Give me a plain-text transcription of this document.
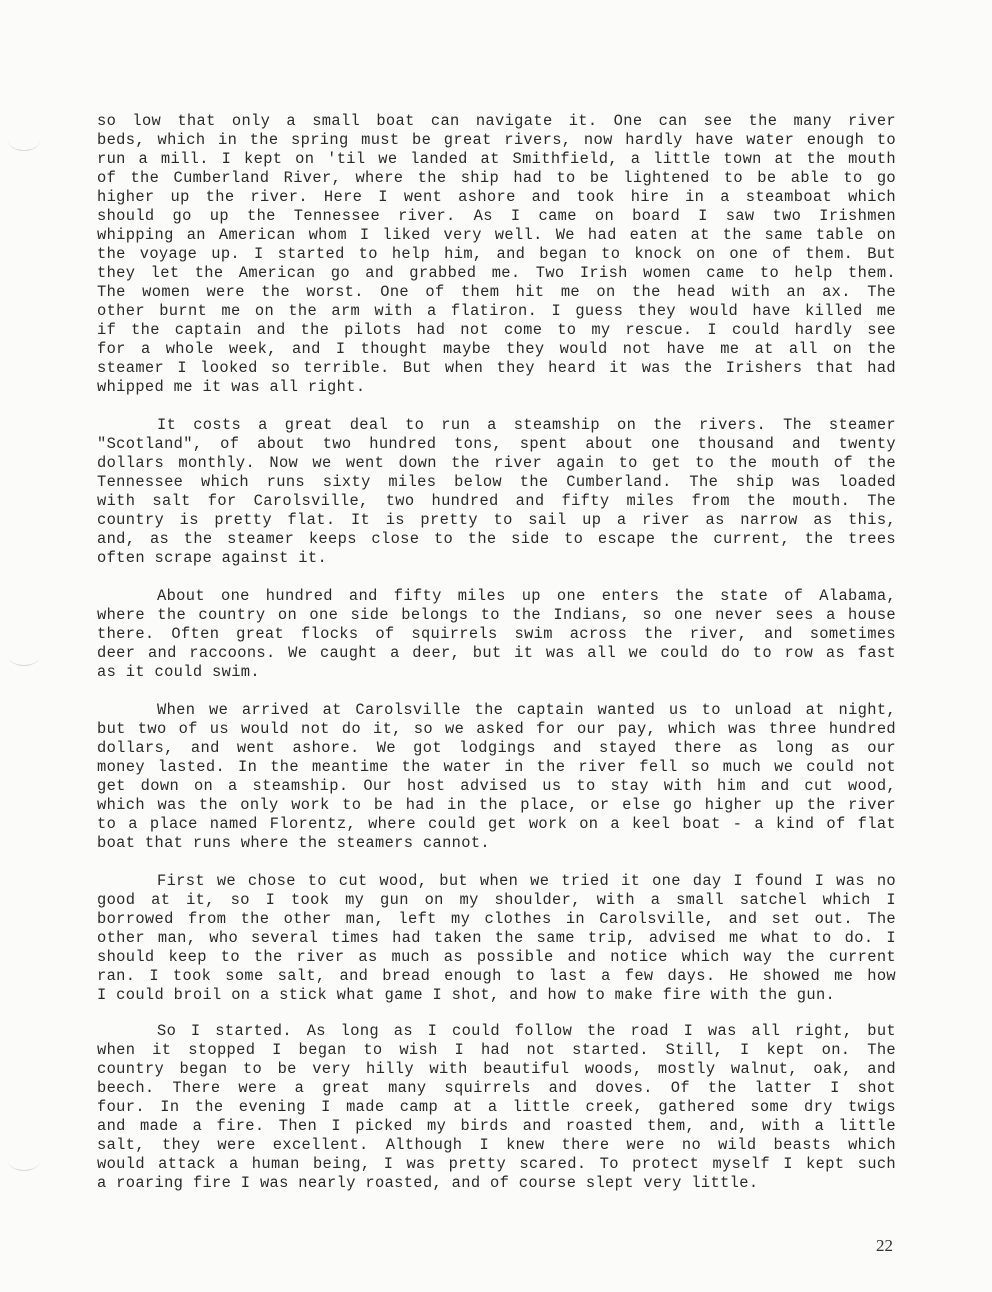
so low that only a small boat can navigate it. One can see the many river
beds, which in the spring must be great rivers, now hardly have water enough to
run a mill. I kept on 'til we landed at Smithfield, a little town at the mouth
of the Cumberland River, where the ship had to be lightened to be able to go
higher up the river. Here I went ashore and took hire in a steamboat which
should go up the Tennessee river. As I came on board I saw two Irishmen
whipping an American whom I liked very well. We had eaten at the same table on
the voyage up. I started to help him, and began to knock on one of them. But
they let the American go and grabbed me. Two Irish women came to help them.
The women were the worst. One of them hit me on the head with an ax. The
other burnt me on the arm with a flatiron. I guess they would have killed me
if the captain and the pilots had not come to my rescue. I could hardly see
for a whole week, and I thought maybe they would not have me at all on the
steamer I looked so terrible. But when they heard it was the Irishers that had
whipped me it was all right.
It costs a great deal to run a steamship on the rivers. The steamer
"Scotland", of about two hundred tons, spent about one thousand and twenty
dollars monthly. Now we went down the river again to get to the mouth of the
Tennessee which runs sixty miles below the Cumberland. The ship was loaded
with salt for Carolsville, two hundred and fifty miles from the mouth. The
country is pretty flat. It is pretty to sail up a river as narrow as this,
and, as the steamer keeps close to the side to escape the current, the trees
often scrape against it.
About one hundred and fifty miles up one enters the state of Alabama,
where the country on one side belongs to the Indians, so one never sees a house
there. Often great flocks of squirrels swim across the river, and sometimes
deer and raccoons. We caught a deer, but it was all we could do to row as fast
as it could swim.
When we arrived at Carolsville the captain wanted us to unload at night,
but two of us would not do it, so we asked for our pay, which was three hundred
dollars, and went ashore. We got lodgings and stayed there as long as our
money lasted. In the meantime the water in the river fell so much we could not
get down on a steamship. Our host advised us to stay with him and cut wood,
which was the only work to be had in the place, or else go higher up the river
to a place named Florentz, where could get work on a keel boat - a kind of flat
boat that runs where the steamers cannot.
First we chose to cut wood, but when we tried it one day I found I was no
good at it, so I took my gun on my shoulder, with a small satchel which I
borrowed from the other man, left my clothes in Carolsville, and set out. The
other man, who several times had taken the same trip, advised me what to do. I
should keep to the river as much as possible and notice which way the current
ran. I took some salt, and bread enough to last a few days. He showed me how
I could broil on a stick what game I shot, and how to make fire with the gun.
So I started. As long as I could follow the road I was all right, but
when it stopped I began to wish I had not started. Still, I kept on. The
country began to be very hilly with beautiful woods, mostly walnut, oak, and
beech. There were a great many squirrels and doves. Of the latter I shot
four. In the evening I made camp at a little creek, gathered some dry twigs
and made a fire. Then I picked my birds and roasted them, and, with a little
salt, they were excellent. Although I knew there were no wild beasts which
would attack a human being, I was pretty scared. To protect myself I kept such
a roaring fire I was nearly roasted, and of course slept very little.
22
